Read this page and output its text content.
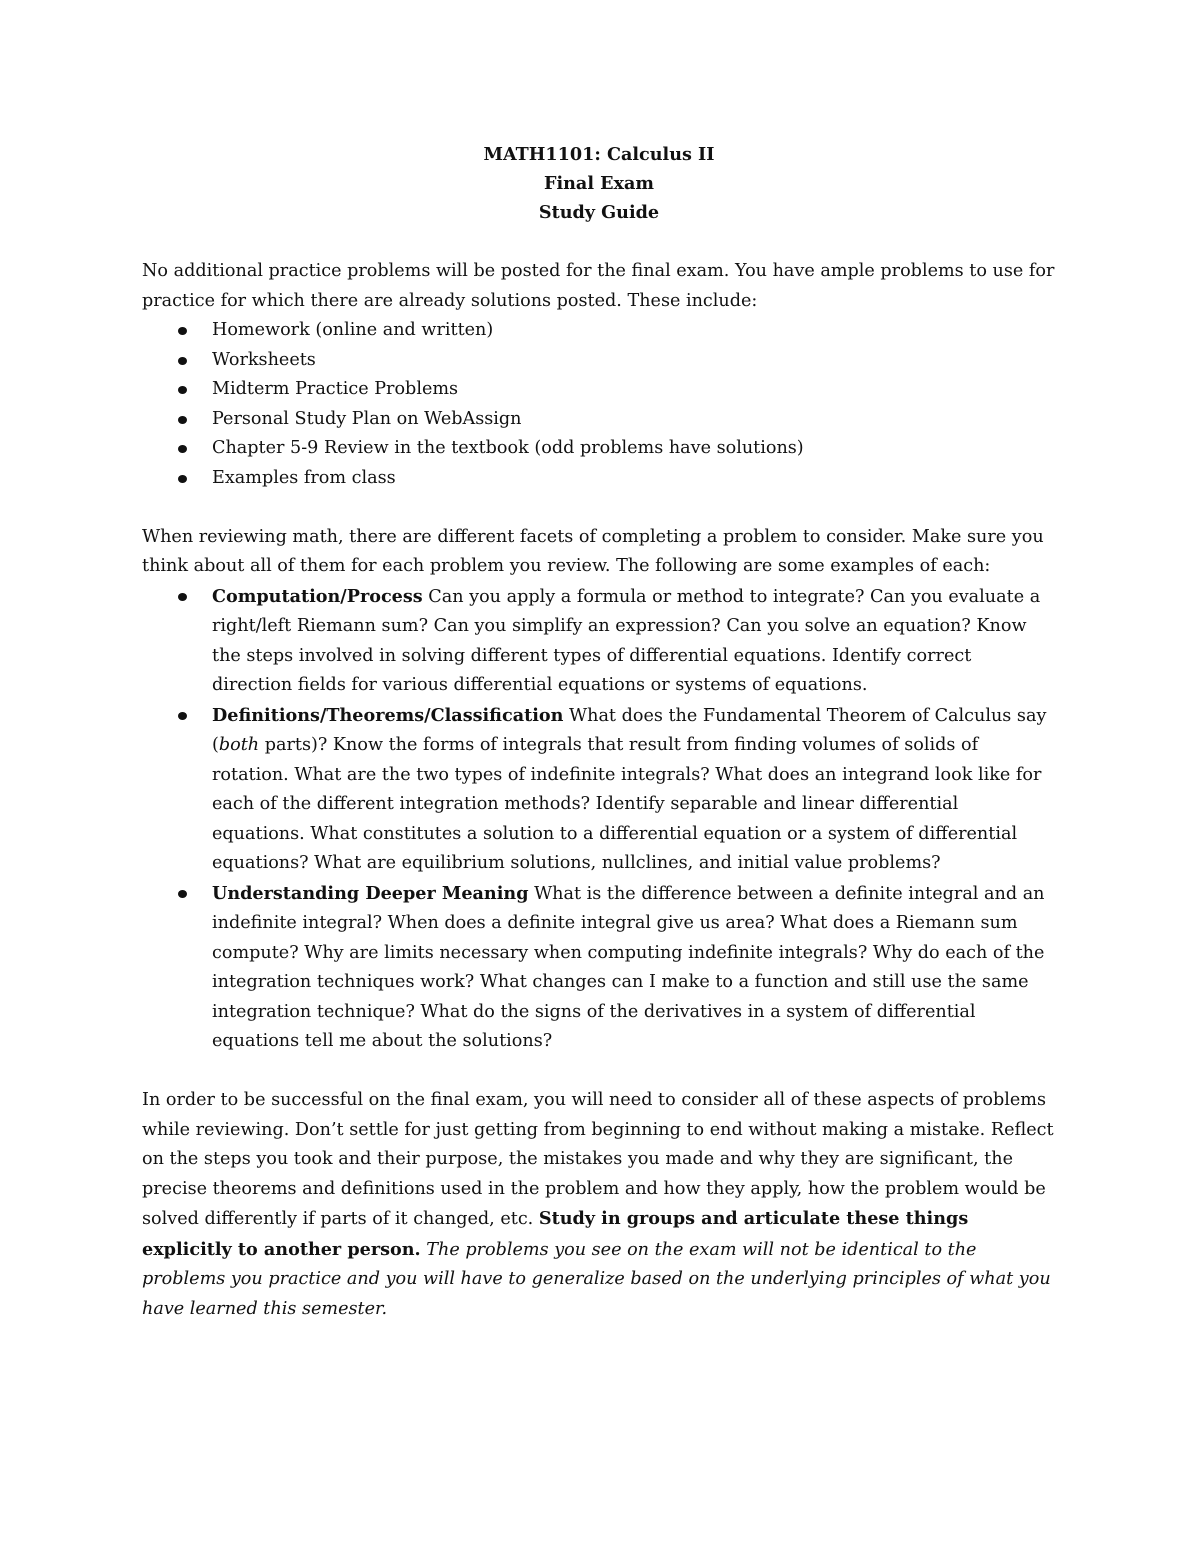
MATH1101: Calculus II
Final Exam
Study Guide

No additional practice problems will be posted for the final exam. You have ample problems to use for practice for which there are already solutions posted. These include:

Homework (online and written)
Worksheets
Midterm Practice Problems
Personal Study Plan on WebAssign
Chapter 5-9 Review in the textbook (odd problems have solutions)
Examples from class

When reviewing math, there are different facets of completing a problem to consider. Make sure you think about all of them for each problem you review. The following are some examples of each:

Computation/Process Can you apply a formula or method to integrate? Can you evaluate a right/left Riemann sum? Can you simplify an expression? Can you solve an equation? Know the steps involved in solving different types of differential equations. Identify correct direction fields for various differential equations or systems of equations.
Definitions/Theorems/Classification What does the Fundamental Theorem of Calculus say (both parts)? Know the forms of integrals that result from finding volumes of solids of rotation. What are the two types of indefinite integrals? What does an integrand look like for each of the different integration methods? Identify separable and linear differential equations. What constitutes a solution to a differential equation or a system of differential equations? What are equilibrium solutions, nullclines, and initial value problems?
Understanding Deeper Meaning What is the difference between a definite integral and an indefinite integral? When does a definite integral give us area? What does a Riemann sum compute? Why are limits necessary when computing indefinite integrals? Why do each of the integration techniques work? What changes can I make to a function and still use the same integration technique? What do the signs of the derivatives in a system of differential equations tell me about the solutions?

In order to be successful on the final exam, you will need to consider all of these aspects of problems while reviewing. Don’t settle for just getting from beginning to end without making a mistake. Reflect on the steps you took and their purpose, the mistakes you made and why they are significant, the precise theorems and definitions used in the problem and how they apply, how the problem would be solved differently if parts of it changed, etc. Study in groups and articulate these things explicitly to another person. The problems you see on the exam will not be identical to the problems you practice and you will have to generalize based on the underlying principles of what you have learned this semester.
